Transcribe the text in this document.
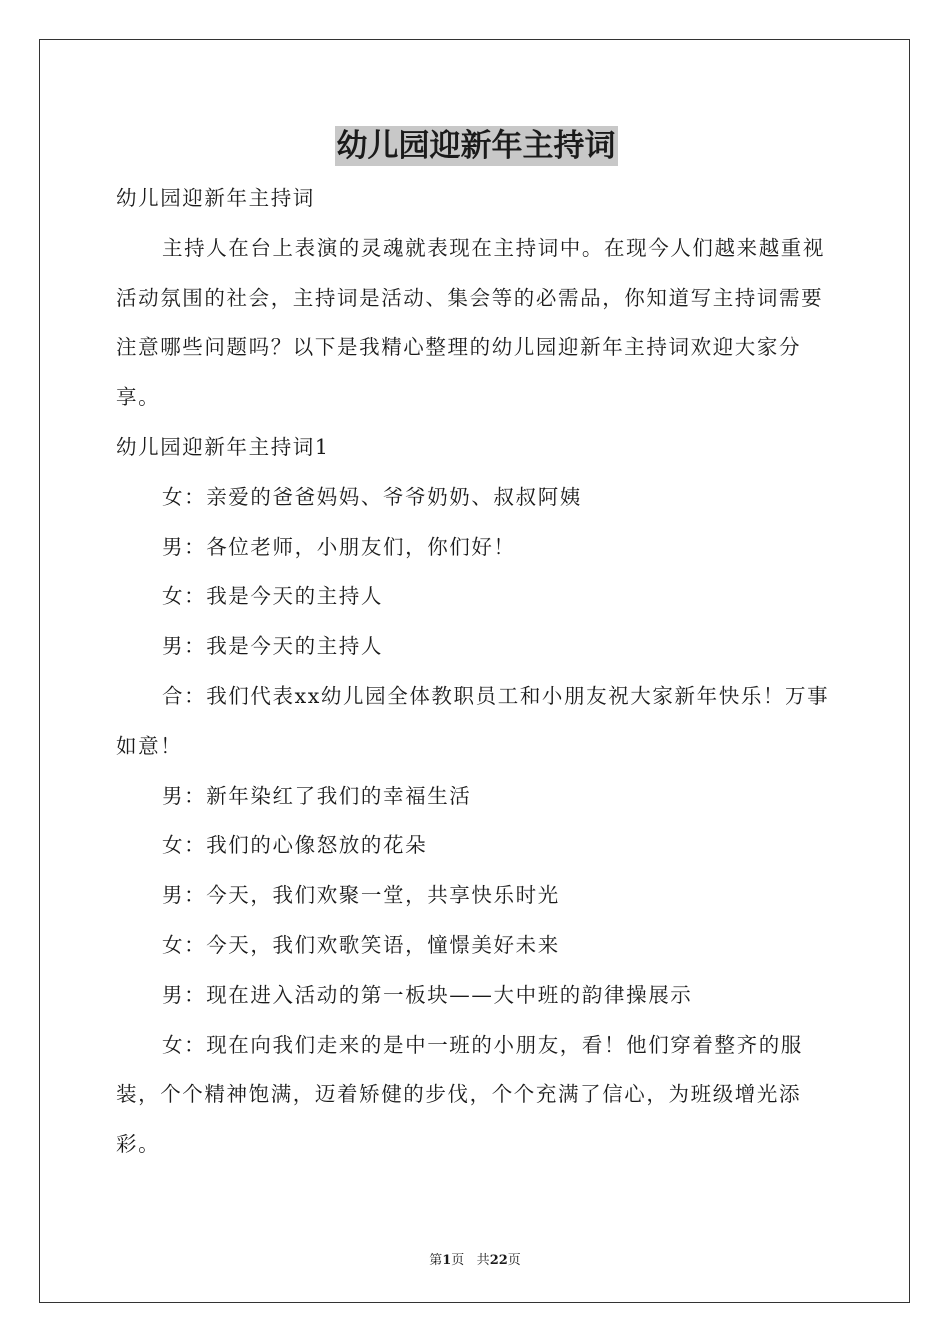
幼儿园迎新年主持词

幼儿园迎新年主持词

主持人在台上表演的灵魂就表现在主持词中。在现今人们越来越重视活动氛围的社会，主持词是活动、集会等的必需品，你知道写主持词需要注意哪些问题吗？以下是我精心整理的幼儿园迎新年主持词欢迎大家分享。

幼儿园迎新年主持词1

女：亲爱的爸爸妈妈、爷爷奶奶、叔叔阿姨

男：各位老师，小朋友们，你们好！

女：我是今天的主持人

男：我是今天的主持人

合：我们代表xx幼儿园全体教职员工和小朋友祝大家新年快乐！万事如意！

男：新年染红了我们的幸福生活

女：我们的心像怒放的花朵

男：今天，我们欢聚一堂，共享快乐时光

女：今天，我们欢歌笑语，憧憬美好未来

男：现在进入活动的第一板块——大中班的韵律操展示

女：现在向我们走来的是中一班的小朋友，看！他们穿着整齐的服装，个个精神饱满，迈着矫健的步伐，个个充满了信心，为班级增光添彩。

第1页 共22页
